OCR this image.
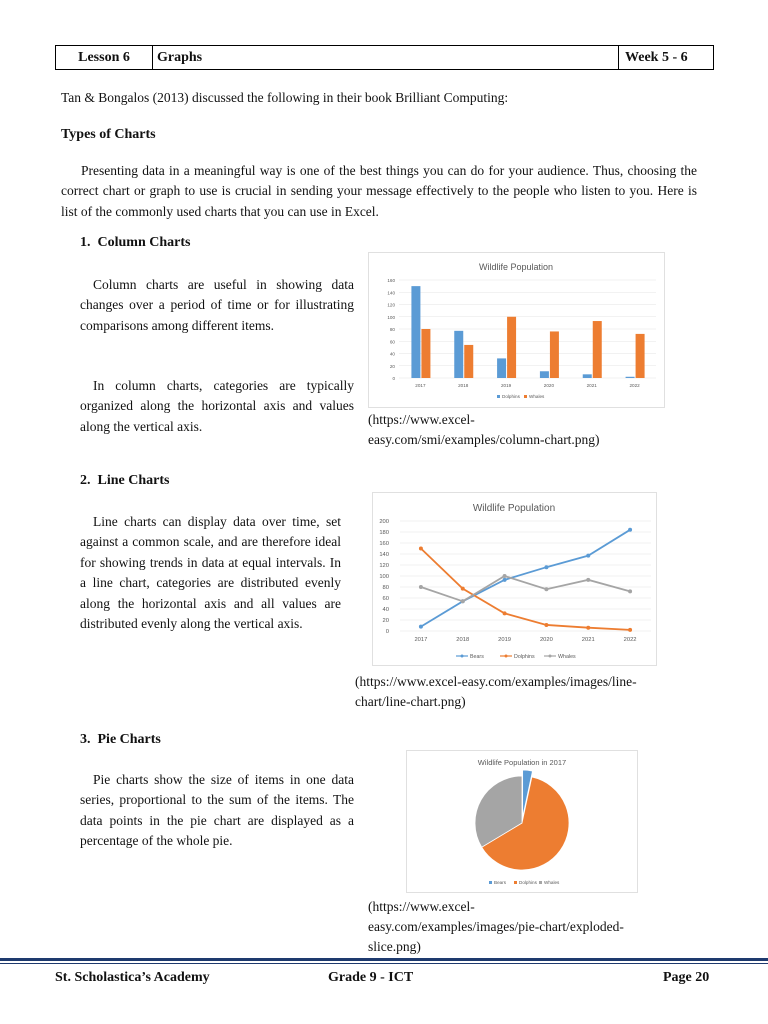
Lesson 6	Graphs	Week 5 - 6
Tan & Bongalos (2013) discussed the following in their book Brilliant Computing:
Types of Charts
Presenting data in a meaningful way is one of the best things you can do for your audience. Thus, choosing the correct chart or graph to use is crucial in sending your message effectively to the people who listen to you. Here is list of the commonly used charts that you can use in Excel.
1.  Column Charts
Column charts are useful in showing data changes over a period of time or for illustrating comparisons among different items.
In column charts, categories are typically organized along the horizontal axis and values along the vertical axis.
Wildlife Population
0
20
40
60
80
100
120
140
160
2017	2018	2019	2020	2021	2022
Dolphins Whales
(https://www.excel-
easy.com/smi/examples/column-chart.png)
2.  Line Charts
Line charts can display data over time, set against a common scale, and are therefore ideal for showing trends in data at equal intervals. In a line chart, categories are distributed evenly along the horizontal axis and all values are distributed evenly along the vertical axis.
Wildlife Population
0
20
40
60
80
100
120
140
160
180
200
2017	2018	2019	2020	2021	2022
Bears	Dolphins	Whales
(https://www.excel-easy.com/examples/images/line-
chart/line-chart.png)
3.  Pie Charts
Pie charts show the size of items in one data series, proportional to the sum of the items. The data points in the pie chart are displayed as a percentage of the whole pie.
Wildlife Population in 2017
Bears	Dolphins Whales
(https://www.excel-
easy.com/examples/images/pie-chart/exploded-
slice.png)
St. Scholastica’s Academy	Grade 9 - ICT	Page 20
